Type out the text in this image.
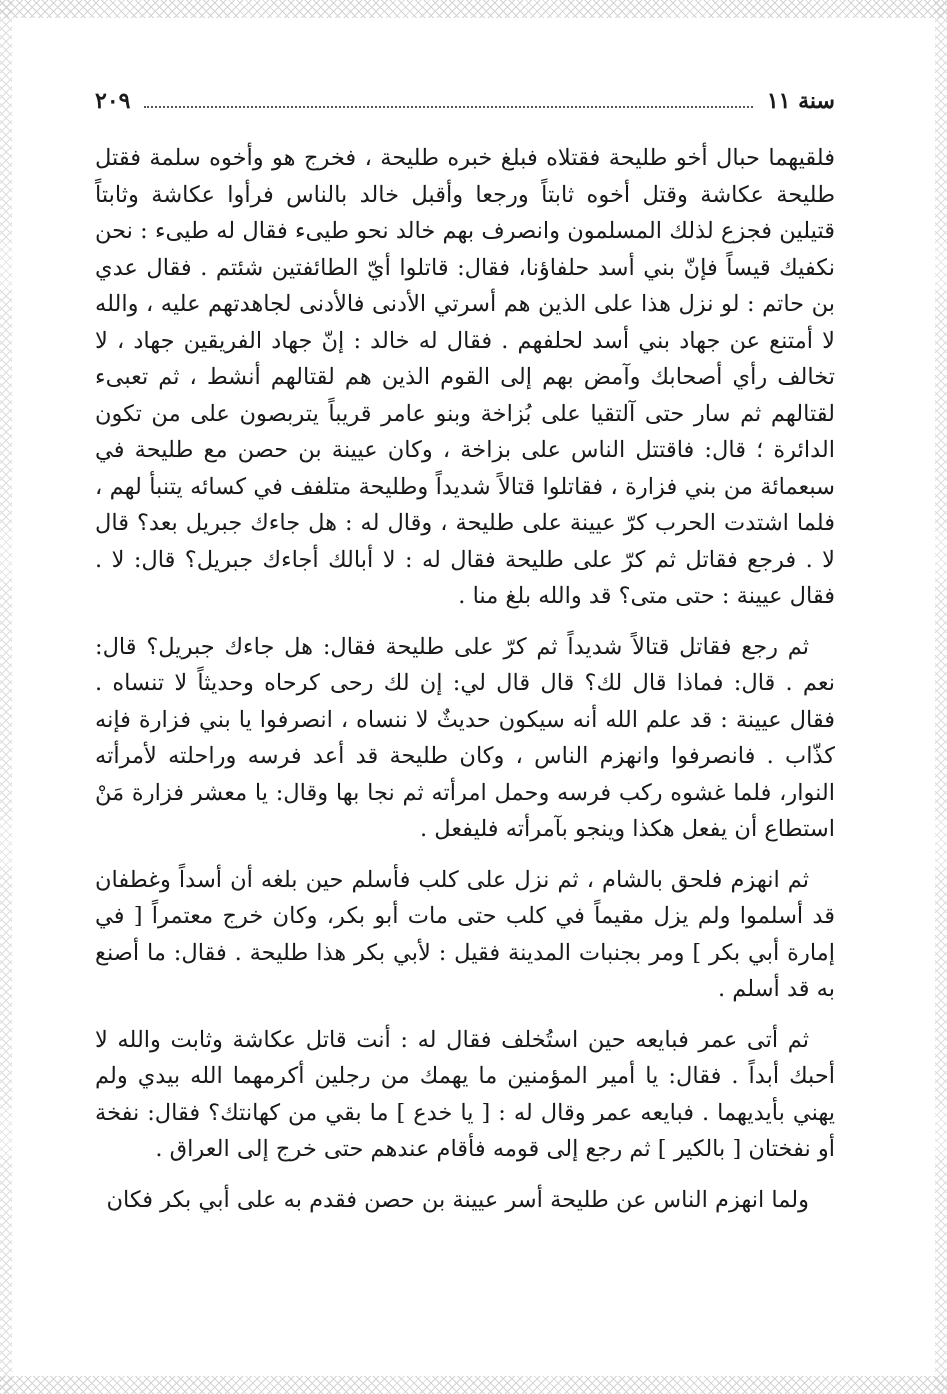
سنة ١١
٢٠٩

فلقيهما حبال أخو طليحة فقتلاه فبلغ خبره طليحة ، فخرج هو وأخوه سلمة فقتل طليحة عكاشة وقتل أخوه ثابتاً ورجعا وأقبل خالد بالناس فرأوا عكاشة وثابتاً قتيلين فجزع لذلك المسلمون وانصرف بهم خالد نحو طيىء فقال له طيىء : نحن نكفيك قيساً فإنّ بني أسد حلفاؤنا، فقال: قاتلوا أيّ الطائفتين شئتم . فقال عدي بن حاتم : لو نزل هذا على الذين هم أسرتي الأدنى فالأدنى لجاهدتهم عليه ، والله لا أمتنع عن جهاد بني أسد لحلفهم . فقال له خالد : إنّ جهاد الفريقين جهاد ، لا تخالف رأي أصحابك وآمض بهم إلى القوم الذين هم لقتالهم أنشط ، ثم تعبىء لقتالهم ثم سار حتى آلتقيا على بُزاخة وبنو عامر قريباً يتربصون على من تكون الدائرة ؛ قال: فاقتتل الناس على بزاخة ، وكان عيينة بن حصن مع طليحة في سبعمائة من بني فزارة ، فقاتلوا قتالاً شديداً وطليحة متلفف في كسائه يتنبأ لهم ، فلما اشتدت الحرب كرّ عيينة على طليحة ، وقال له : هل جاءك جبريل بعد؟ قال لا . فرجع فقاتل ثم كرّ على طليحة فقال له : لا أبالك أجاءك جبريل؟ قال: لا . فقال عيينة : حتى متى؟ قد والله بلغ منا .

ثم رجع فقاتل قتالاً شديداً ثم كرّ على طليحة فقال: هل جاءك جبريل؟ قال: نعم . قال: فماذا قال لك؟ قال قال لي: إن لك رحى كرحاه وحديثاً لا تنساه . فقال عيينة : قد علم الله أنه سيكون حديثٌ لا ننساه ، انصرفوا يا بني فزارة فإنه كذّاب . فانصرفوا وانهزم الناس ، وكان طليحة قد أعد فرسه وراحلته لأمرأته النوار، فلما غشوه ركب فرسه وحمل امرأته ثم نجا بها وقال: يا معشر فزارة مَنْ استطاع أن يفعل هكذا وينجو بآمرأته فليفعل .

ثم انهزم فلحق بالشام ، ثم نزل على كلب فأسلم حين بلغه أن أسداً وغطفان قد أسلموا ولم يزل مقيماً في كلب حتى مات أبو بكر، وكان خرج معتمراً [ في إمارة أبي بكر ] ومر بجنبات المدينة فقيل : لأبي بكر هذا طليحة . فقال: ما أصنع به قد أسلم .

ثم أتى عمر فبايعه حين استُخلف فقال له : أنت قاتل عكاشة وثابت والله لا أحبك أبداً . فقال: يا أمير المؤمنين ما يهمك من رجلين أكرمهما الله بيدي ولم يهني بأيديهما . فبايعه عمر وقال له : [ يا خدع ] ما بقي من كهانتك؟ فقال: نفخة أو نفختان [ بالكير ] ثم رجع إلى قومه فأقام عندهم حتى خرج إلى العراق .

ولما انهزم الناس عن طليحة أسر عيينة بن حصن فقدم به على أبي بكر فكان
